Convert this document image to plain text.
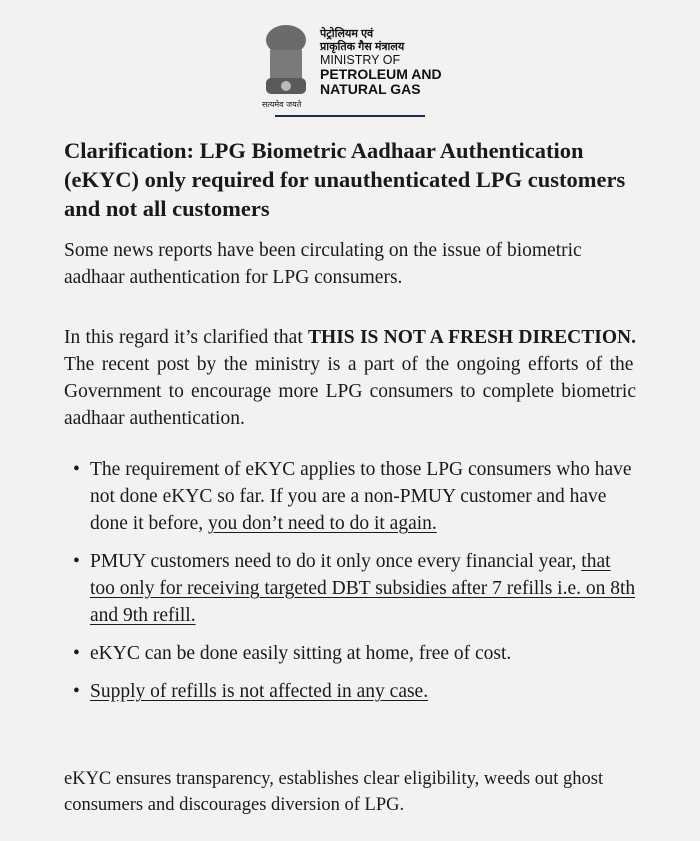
सत्यमेव जयते
पेट्रोलियम एवं
प्राकृतिक गैस मंत्रालय
MINISTRY OF
PETROLEUM AND
NATURAL GAS
Clarification: LPG Biometric Aadhaar Authentication (eKYC) only required for unauthenticated LPG customers and not all customers

Some news reports have been circulating on the issue of biometric aadhaar authentication for LPG consumers.

In this regard it’s clarified that THIS IS NOT A FRESH DIRECTION. The recent post by the ministry is a part of the ongoing efforts of the Government to encourage more LPG consumers to complete biometric aadhaar authentication.

• The requirement of eKYC applies to those LPG consumers who have not done eKYC so far. If you are a non-PMUY customer and have done it before, you don’t need to do it again.
• PMUY customers need to do it only once every financial year, that too only for receiving targeted DBT subsidies after 7 refills i.e. on 8th and 9th refill.
• eKYC can be done easily sitting at home, free of cost.
• Supply of refills is not affected in any case.

eKYC ensures transparency, establishes clear eligibility, weeds out ghost consumers and discourages diversion of LPG.
